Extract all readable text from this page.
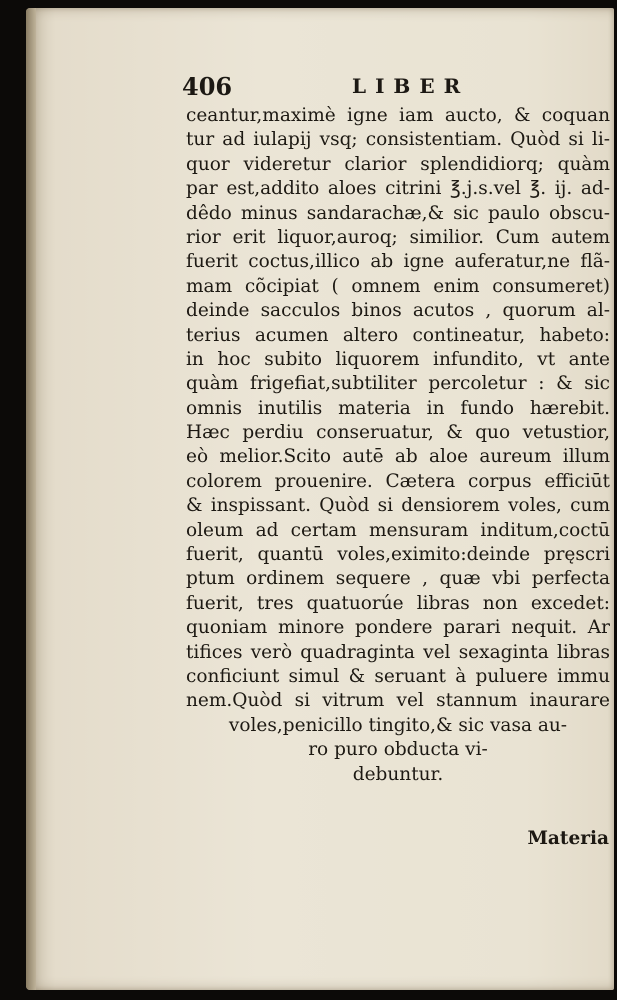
406	LIBER
ceantur,maximè igne iam aucto, & coquan
tur ad iulapij vsq; consistentiam. Quòd si li-
quor videretur clarior splendidiorq; quàm
par est,addito aloes citrini ℥.j.s.vel ℥. ij. ad-
dêdo minus sandarachæ,& sic paulo obscu-
rior erit liquor,auroq; similior. Cum autem
fuerit coctus,illico ab igne auferatur,ne flã-
mam cõcipiat ( omnem enim consumeret)
deinde sacculos binos acutos , quorum al-
terius acumen altero contineatur, habeto:
in hoc subito liquorem infundito, vt ante
quàm frigefiat,subtiliter percoletur : & sic
omnis inutilis materia in fundo hærebit.
Hæc perdiu conseruatur, & quo vetustior,
eò melior.Scito autē ab aloe aureum illum
colorem prouenire. Cætera corpus efficiūt
& inspissant. Quòd si densiorem voles, cum
oleum ad certam mensuram inditum,coctū
fuerit, quantū voles,eximito:deinde pręscri
ptum ordinem sequere , quæ vbi perfecta
fuerit, tres quatuorúe libras non excedet:
quoniam minore pondere parari nequit. Ar
tifices verò quadraginta vel sexaginta libras
conficiunt simul & seruant à puluere immu
nem.Quòd si vitrum vel stannum inaurare
voles,penicillo tingito,& sic vasa au-
ro puro obducta vi-
debuntur.
Materia
